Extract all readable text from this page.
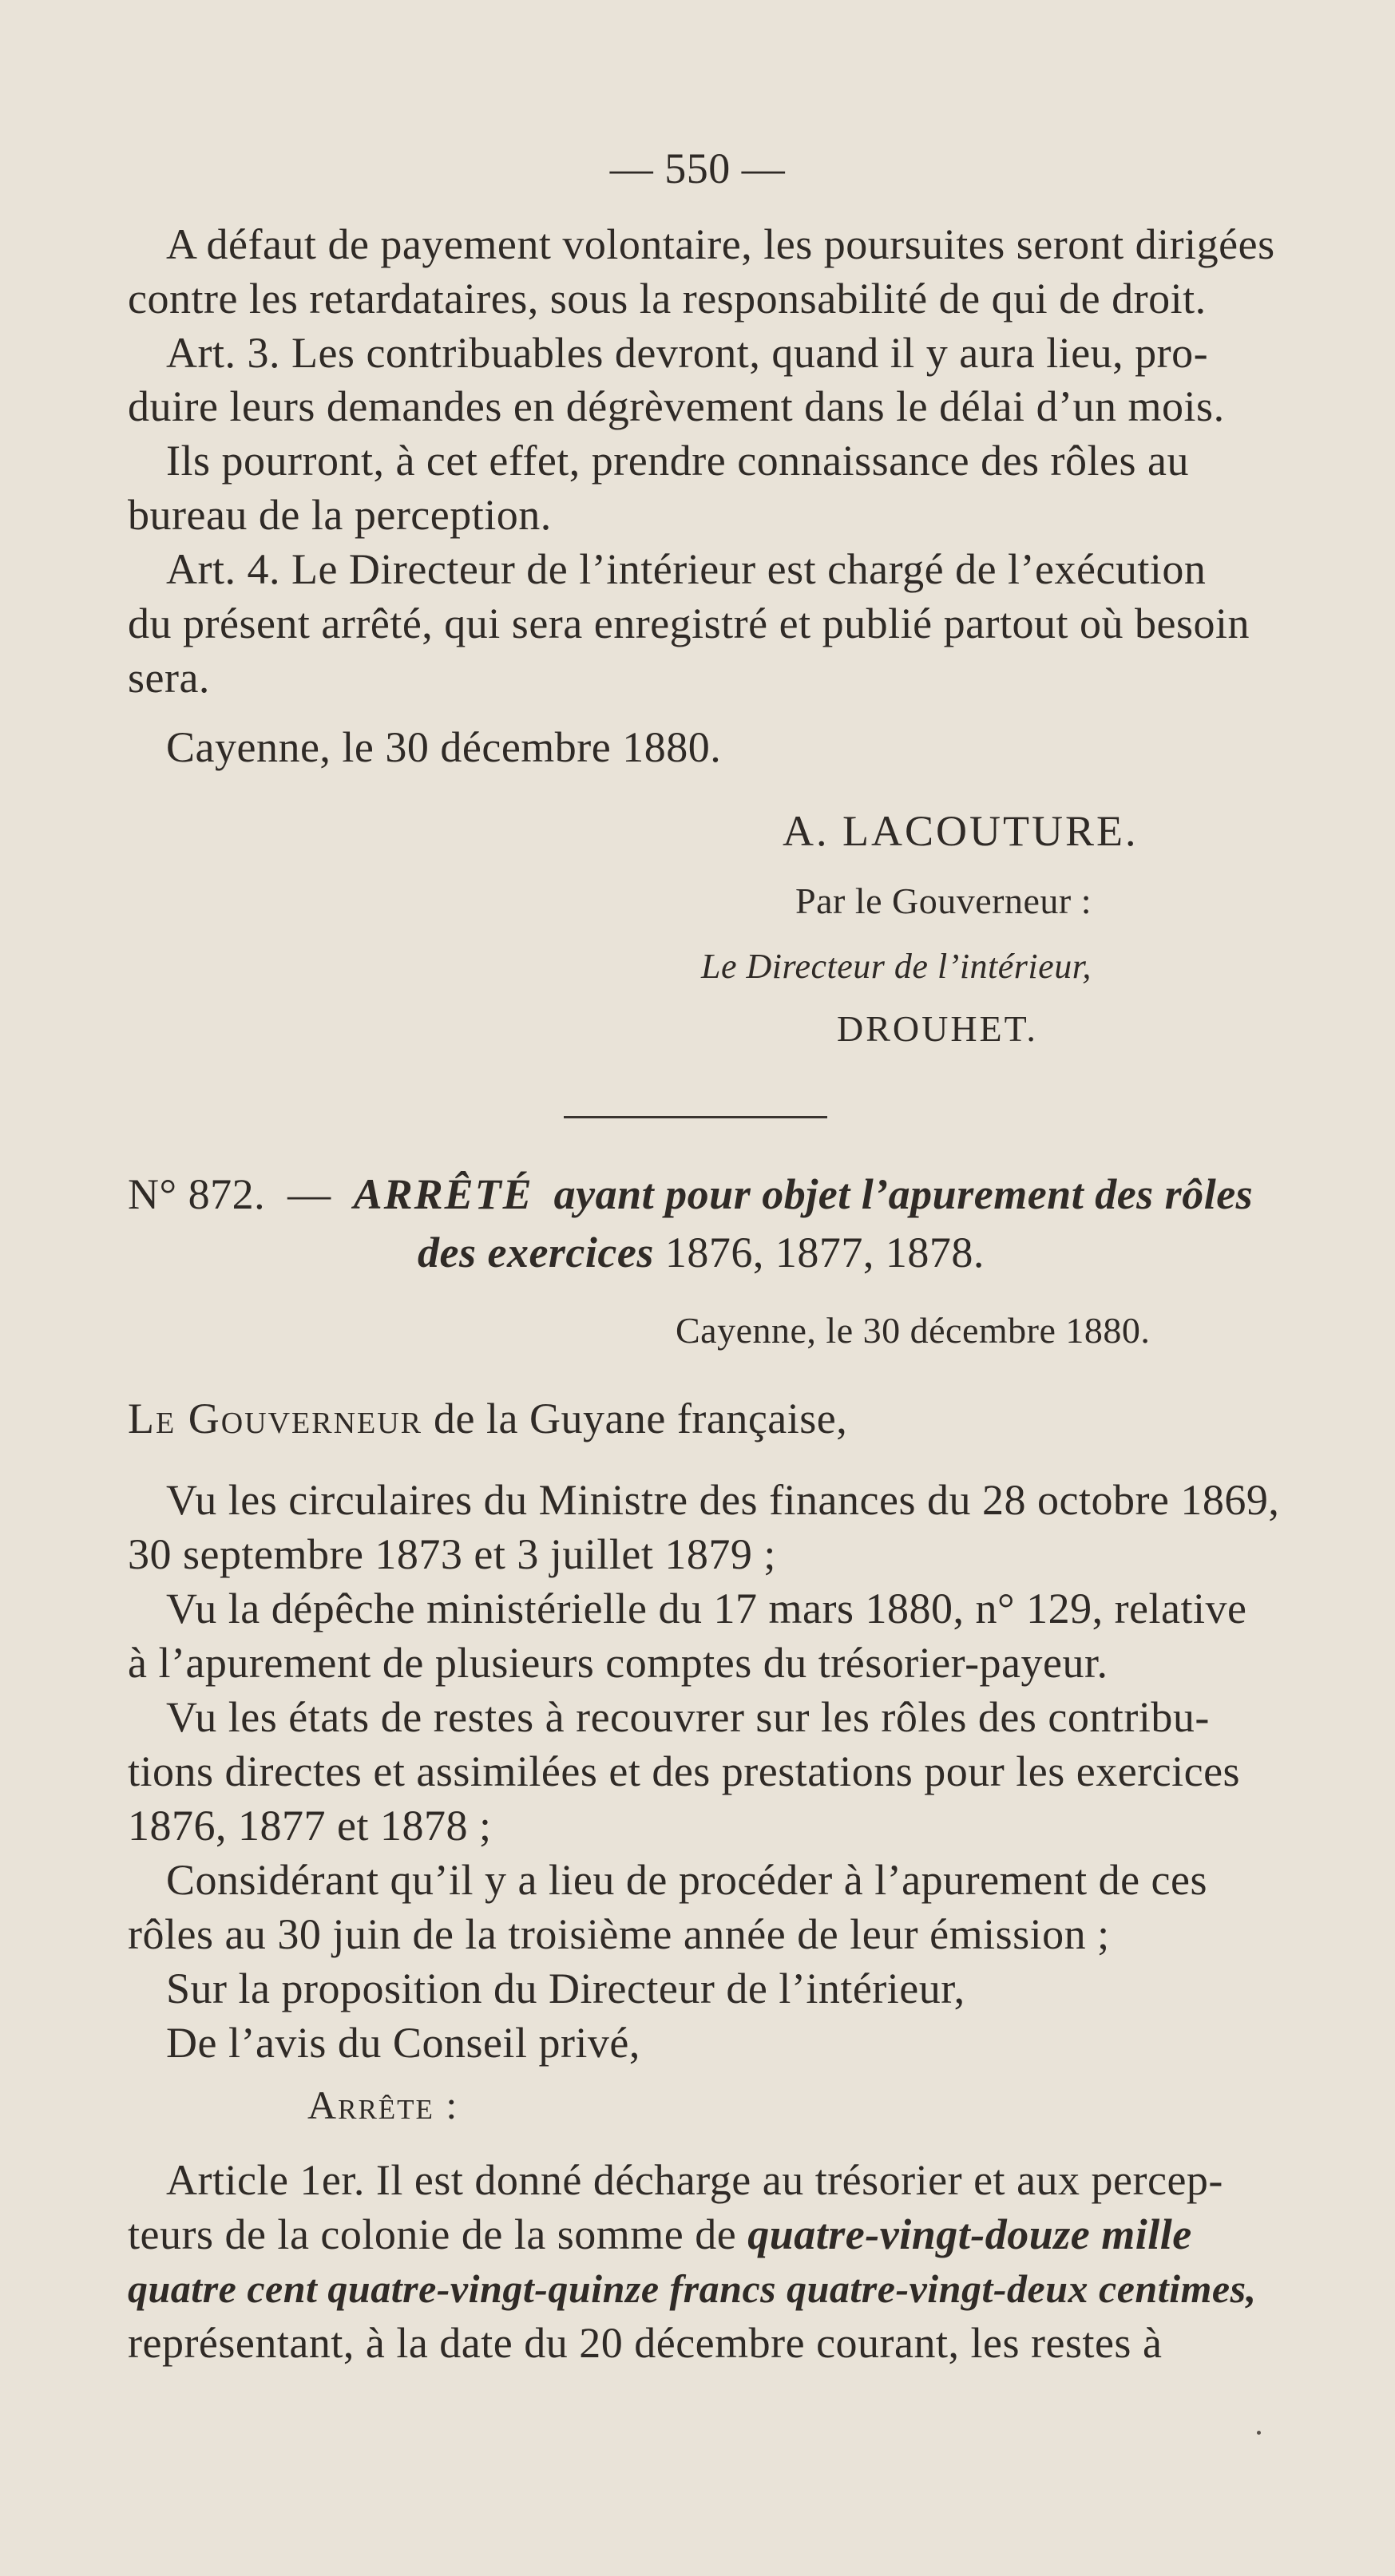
— 550 —
A défaut de payement volontaire, les poursuites seront dirigées
contre les retardataires, sous la responsabilité de qui de droit.
Art. 3. Les contribuables devront, quand il y aura lieu, pro-
duire leurs demandes en dégrèvement dans le délai d’un mois.
Ils pourront, à cet effet, prendre connaissance des rôles au
bureau de la perception.
Art. 4. Le Directeur de l’intérieur est chargé de l’exécution
du présent arrêté, qui sera enregistré et publié partout où besoin
sera.
Cayenne, le 30 décembre 1880.
A. LACOUTURE.
Par le Gouverneur :
Le Directeur de l’intérieur,
DROUHET.
N° 872. — ARRÊTÉ ayant pour objet l’apurement des rôles
des exercices 1876, 1877, 1878.
Cayenne, le 30 décembre 1880.
Le Gouverneur de la Guyane française,
Vu les circulaires du Ministre des finances du 28 octobre 1869,
30 septembre 1873 et 3 juillet 1879 ;
Vu la dépêche ministérielle du 17 mars 1880, n° 129, relative
à l’apurement de plusieurs comptes du trésorier-payeur.
Vu les états de restes à recouvrer sur les rôles des contribu-
tions directes et assimilées et des prestations pour les exercices
1876, 1877 et 1878 ;
Considérant qu’il y a lieu de procéder à l’apurement de ces
rôles au 30 juin de la troisième année de leur émission ;
Sur la proposition du Directeur de l’intérieur,
De l’avis du Conseil privé,
Arrête :
Article 1er. Il est donné décharge au trésorier et aux percep-
teurs de la colonie de la somme de quatre-vingt-douze mille
quatre cent quatre-vingt-quinze francs quatre-vingt-deux centimes,
représentant, à la date du 20 décembre courant, les restes à
